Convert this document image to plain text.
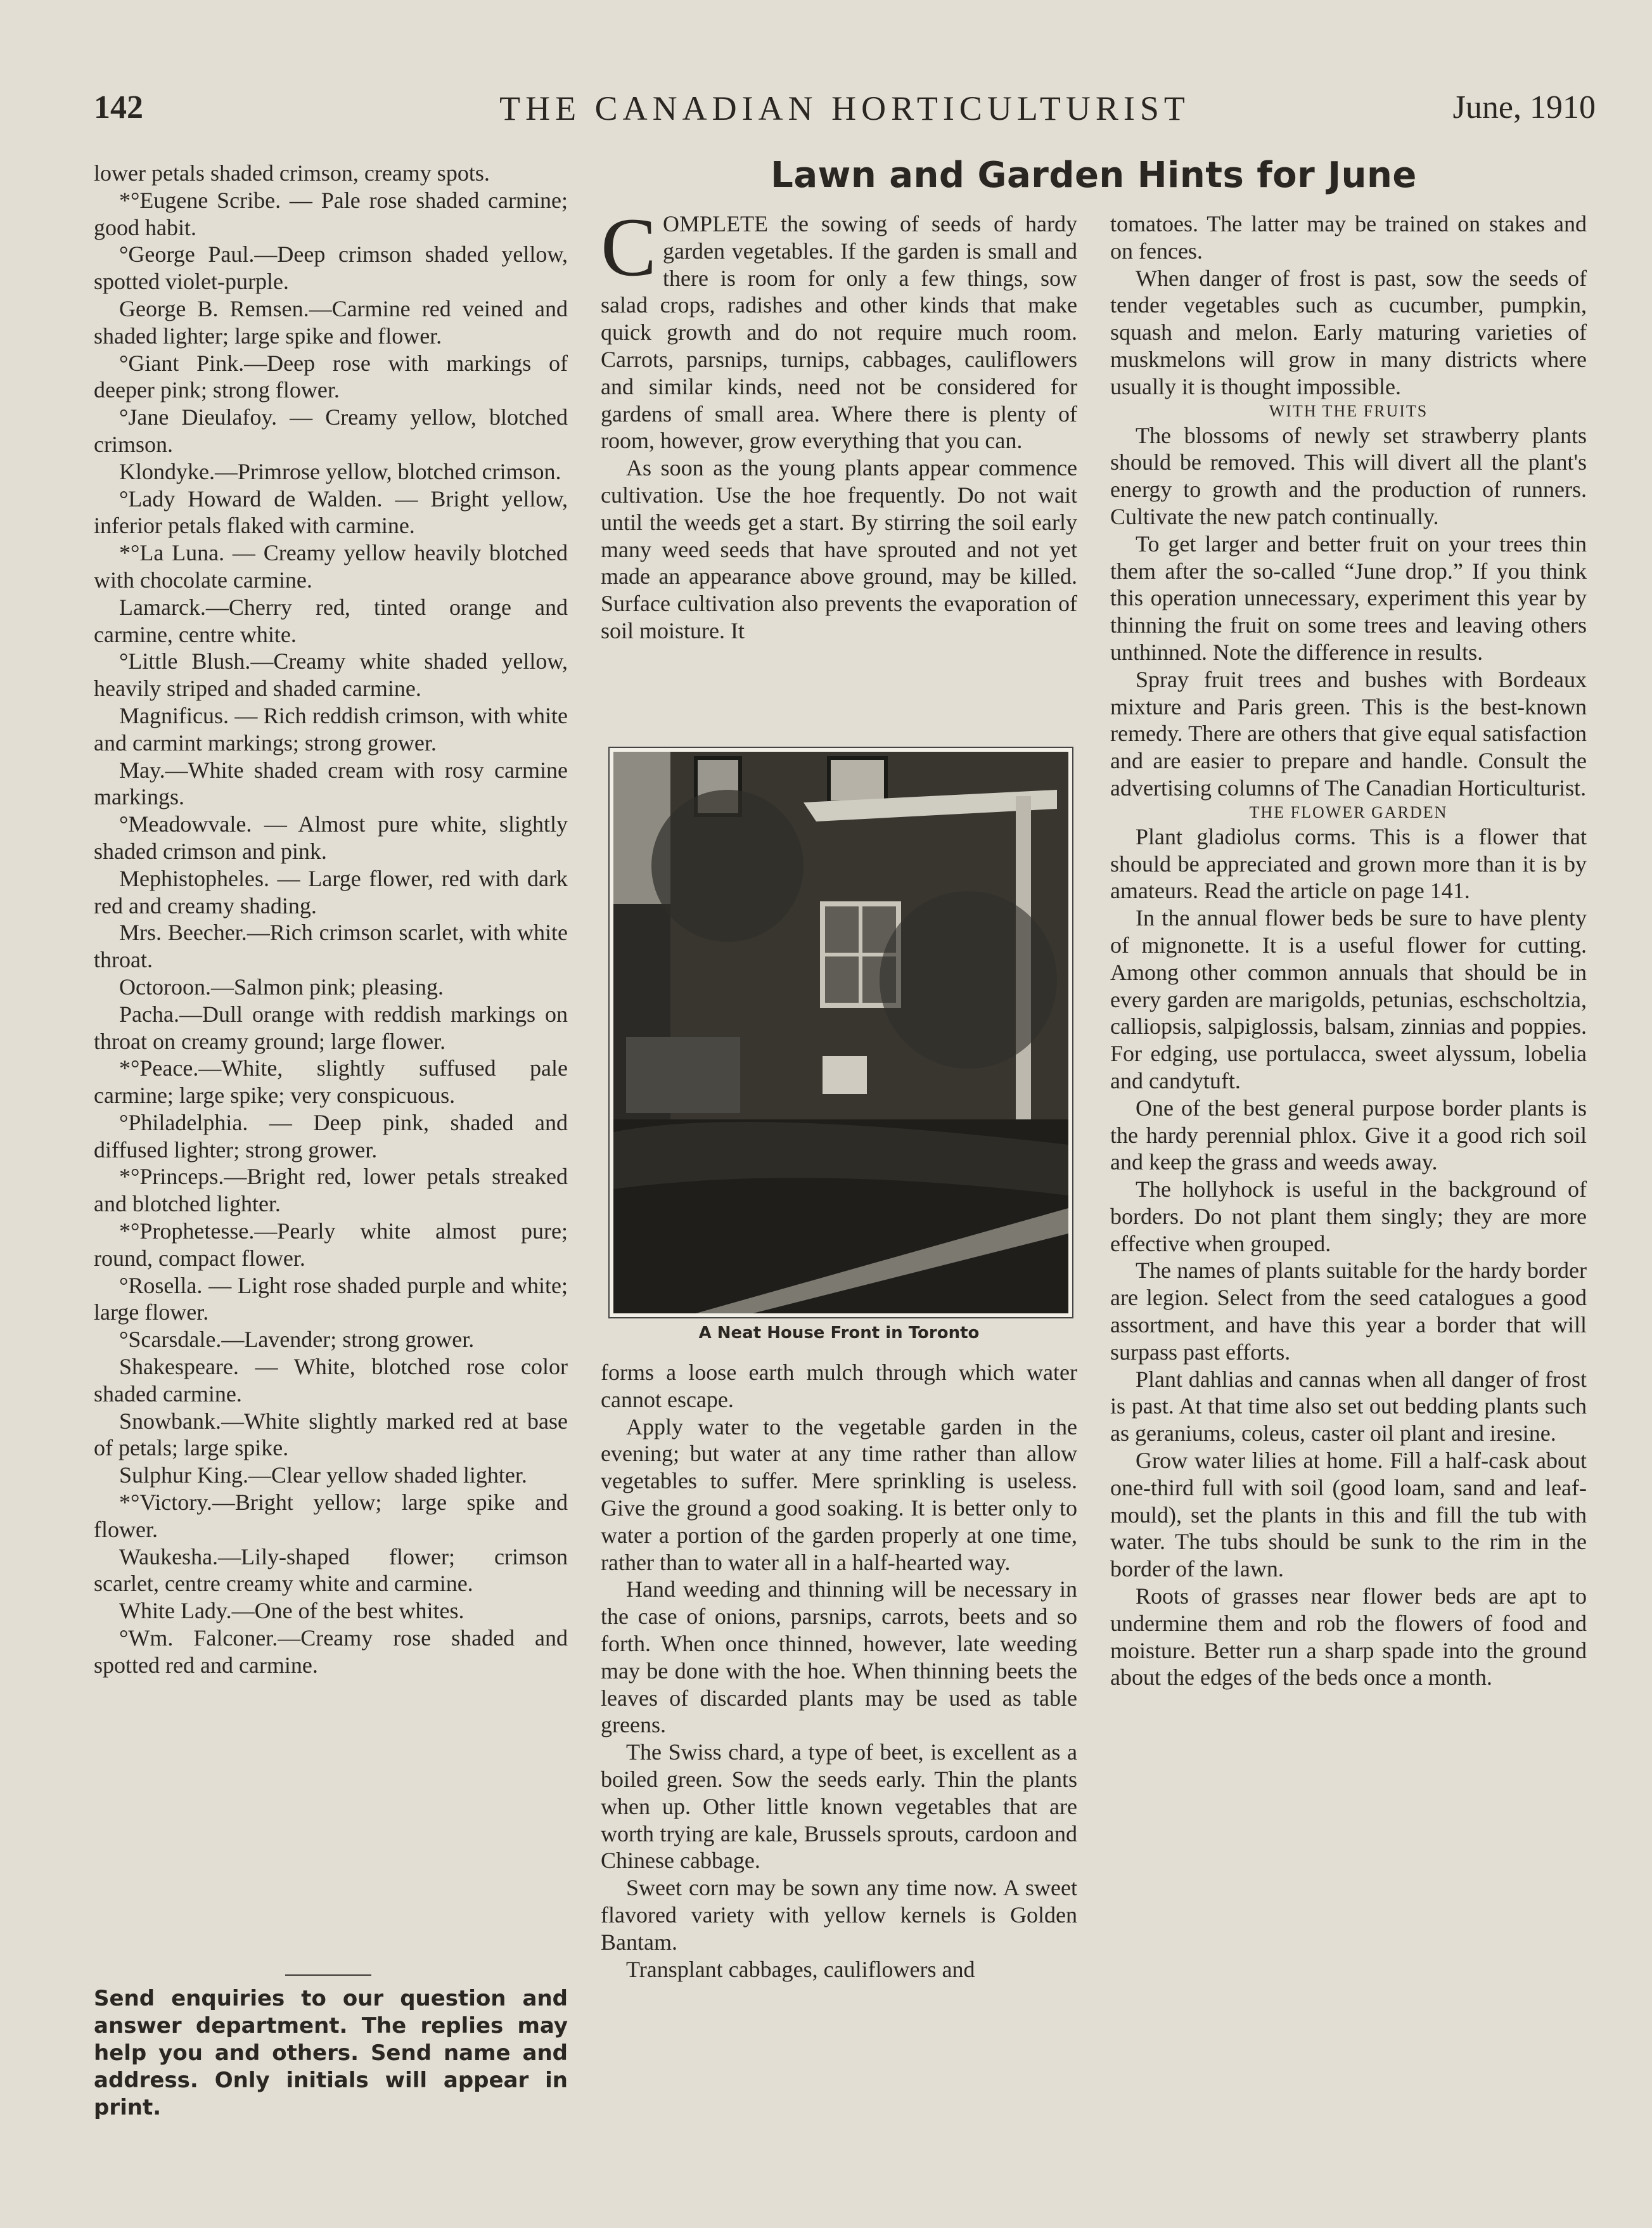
142	THE CANADIAN HORTICULTURIST	June, 1910

lower petals shaded crimson, creamy spots.

*°Eugene Scribe. — Pale rose shaded carmine; good habit.

°George Paul.—Deep crimson shaded yellow, spotted violet-purple.

George B. Remsen.—Carmine red veined and shaded lighter; large spike and flower.

°Giant Pink.—Deep rose with markings of deeper pink; strong flower.

°Jane Dieulafoy. — Creamy yellow, blotched crimson.

Klondyke.—Primrose yellow, blotched crimson.

°Lady Howard de Walden. — Bright yellow, inferior petals flaked with carmine.

*°La Luna. — Creamy yellow heavily blotched with chocolate carmine.

Lamarck.—Cherry red, tinted orange and carmine, centre white.

°Little Blush.—Creamy white shaded yellow, heavily striped and shaded carmine.

Magnificus. — Rich reddish crimson, with white and carmint markings; strong grower.

May.—White shaded cream with rosy carmine markings.

°Meadowvale. — Almost pure white, slightly shaded crimson and pink.

Mephistopheles. — Large flower, red with dark red and creamy shading.

Mrs. Beecher.—Rich crimson scarlet, with white throat.

Octoroon.—Salmon pink; pleasing.

Pacha.—Dull orange with reddish markings on throat on creamy ground; large flower.

*°Peace.—White, slightly suffused pale carmine; large spike; very conspicuous.

°Philadelphia. — Deep pink, shaded and diffused lighter; strong grower.

*°Princeps.—Bright red, lower petals streaked and blotched lighter.

*°Prophetesse.—Pearly white almost pure; round, compact flower.

°Rosella. — Light rose shaded purple and white; large flower.

°Scarsdale.—Lavender; strong grower.

Shakespeare. — White, blotched rose color shaded carmine.

Snowbank.—White slightly marked red at base of petals; large spike.

Sulphur King.—Clear yellow shaded lighter.

*°Victory.—Bright yellow; large spike and flower.

Waukesha.—Lily-shaped flower; crimson scarlet, centre creamy white and carmine.

White Lady.—One of the best whites.

°Wm. Falconer.—Creamy rose shaded and spotted red and carmine.

Send enquiries to our question and answer department. The replies may help you and others. Send name and address. Only initials will appear in print.
Lawn and Garden Hints for June

COMPLETE the sowing of seeds of hardy garden vegetables. If the garden is small and there is room for only a few things, sow salad crops, radishes and other kinds that make quick growth and do not require much room. Carrots, parsnips, turnips, cabbages, cauliflowers and similar kinds, need not be considered for gardens of small area. Where there is plenty of room, however, grow everything that you can.

As soon as the young plants appear commence cultivation. Use the hoe frequently. Do not wait until the weeds get a start. By stirring the soil early many weed seeds that have sprouted and not yet made an appearance above ground, may be killed. Surface cultivation also prevents the evaporation of soil moisture. It

A Neat House Front in Toronto

forms a loose earth mulch through which water cannot escape.

Apply water to the vegetable garden in the evening; but water at any time rather than allow vegetables to suffer. Mere sprinkling is useless. Give the ground a good soaking. It is better only to water a portion of the garden properly at one time, rather than to water all in a half-hearted way.

Hand weeding and thinning will be necessary in the case of onions, parsnips, carrots, beets and so forth. When once thinned, however, late weeding may be done with the hoe. When thinning beets the leaves of discarded plants may be used as table greens.

The Swiss chard, a type of beet, is excellent as a boiled green. Sow the seeds early. Thin the plants when up. Other little known vegetables that are worth trying are kale, Brussels sprouts, cardoon and Chinese cabbage.

Sweet corn may be sown any time now. A sweet flavored variety with yellow kernels is Golden Bantam.

Transplant cabbages, cauliflowers and

tomatoes. The latter may be trained on stakes and on fences.

When danger of frost is past, sow the seeds of tender vegetables such as cucumber, pumpkin, squash and melon. Early maturing varieties of muskmelons will grow in many districts where usually it is thought impossible.

WITH THE FRUITS

The blossoms of newly set strawberry plants should be removed. This will divert all the plant's energy to growth and the production of runners. Cultivate the new patch continually.

To get larger and better fruit on your trees thin them after the so-called “June drop.” If you think this operation unnecessary, experiment this year by thinning the fruit on some trees and leaving others unthinned. Note the difference in results.

Spray fruit trees and bushes with Bordeaux mixture and Paris green. This is the best-known remedy. There are others that give equal satisfaction and are easier to prepare and handle. Consult the advertising columns of The Canadian Horticulturist.

THE FLOWER GARDEN

Plant gladiolus corms. This is a flower that should be appreciated and grown more than it is by amateurs. Read the article on page 141.

In the annual flower beds be sure to have plenty of mignonette. It is a useful flower for cutting. Among other common annuals that should be in every garden are marigolds, petunias, eschscholtzia, calliopsis, salpiglossis, balsam, zinnias and poppies. For edging, use portulacca, sweet alyssum, lobelia and candytuft.

One of the best general purpose border plants is the hardy perennial phlox. Give it a good rich soil and keep the grass and weeds away.

The hollyhock is useful in the background of borders. Do not plant them singly; they are more effective when grouped.

The names of plants suitable for the hardy border are legion. Select from the seed catalogues a good assortment, and have this year a border that will surpass past efforts.

Plant dahlias and cannas when all danger of frost is past. At that time also set out bedding plants such as geraniums, coleus, caster oil plant and iresine.

Grow water lilies at home. Fill a half-cask about one-third full with soil (good loam, sand and leaf-mould), set the plants in this and fill the tub with water. The tubs should be sunk to the rim in the border of the lawn.

Roots of grasses near flower beds are apt to undermine them and rob the flowers of food and moisture. Better run a sharp spade into the ground about the edges of the beds once a month.
